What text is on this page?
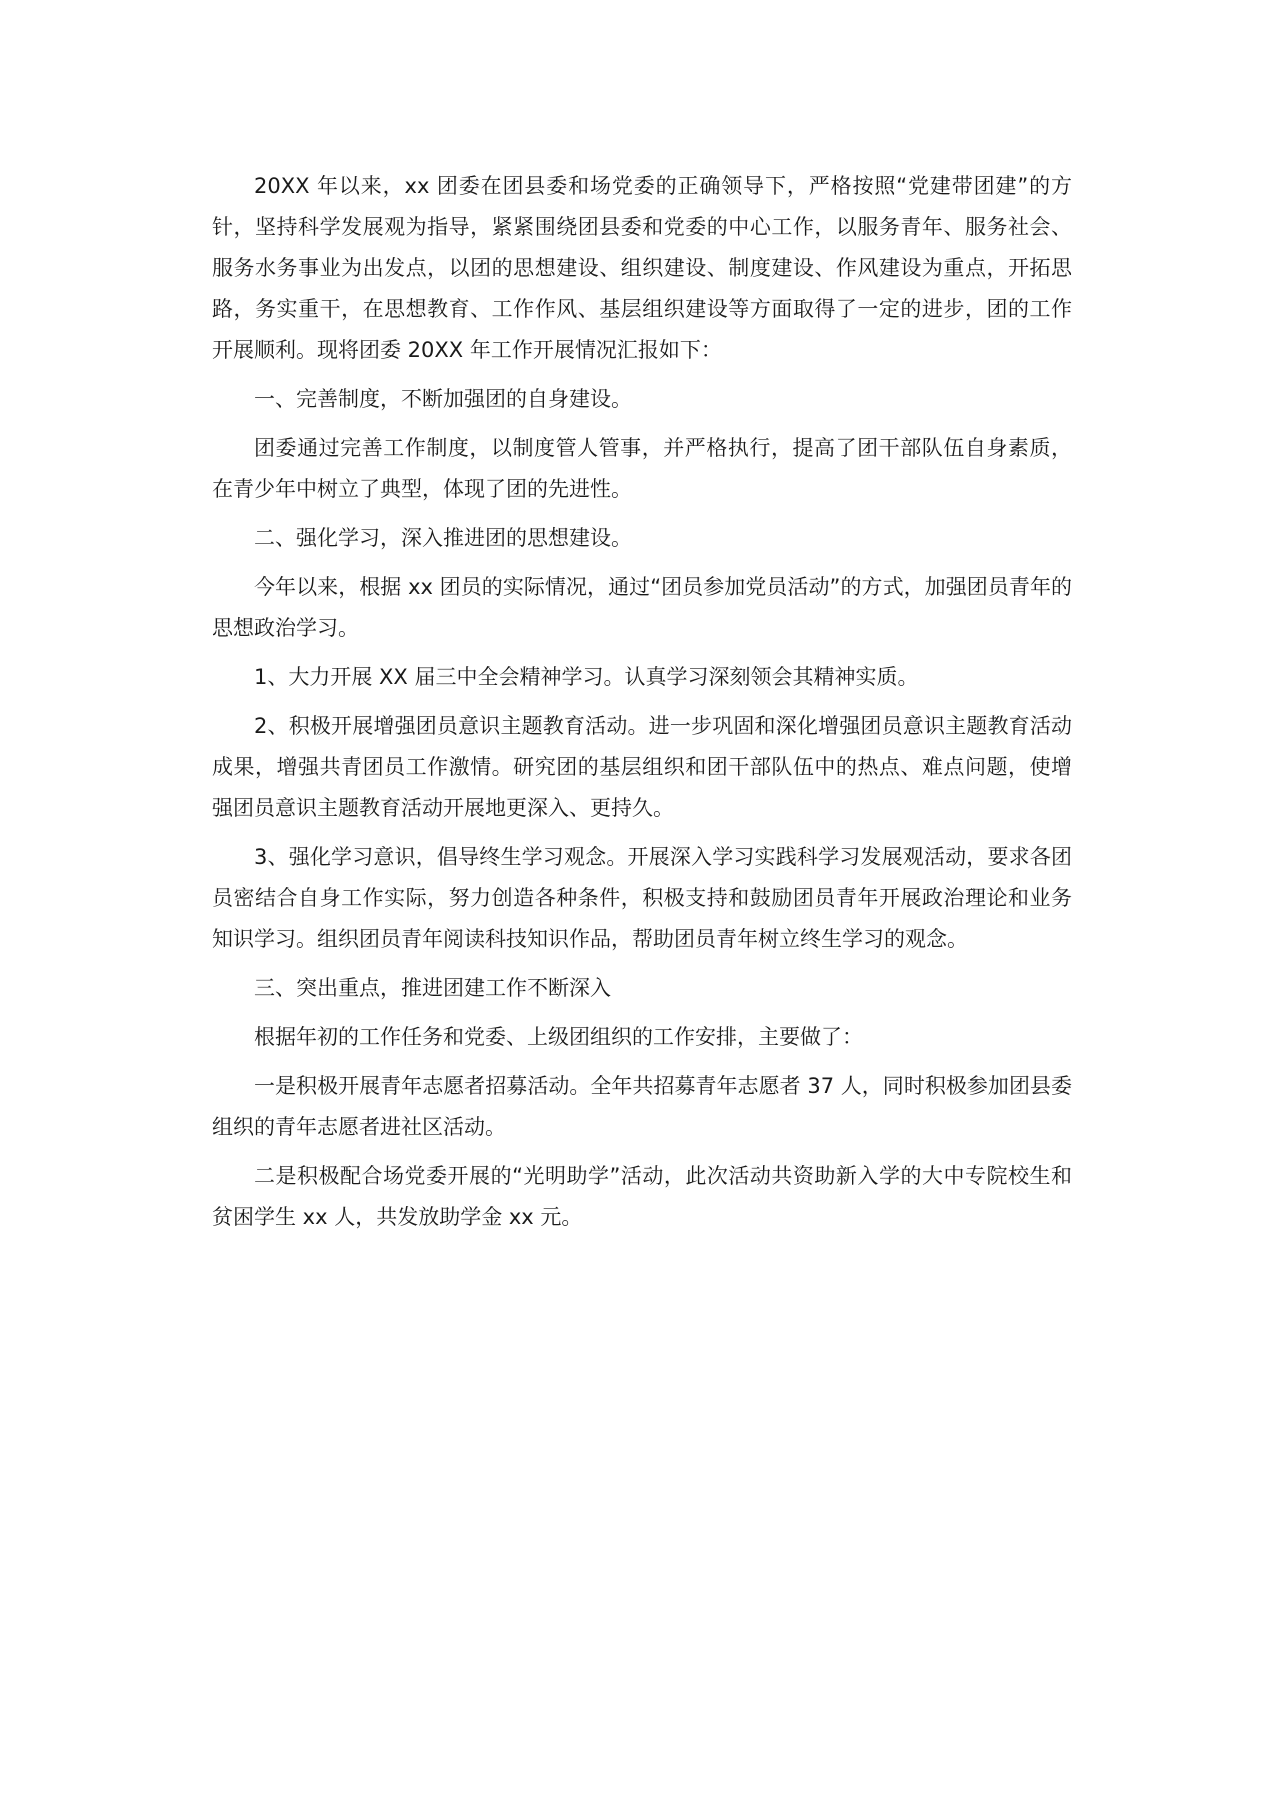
20XX 年以来，xx 团委在团县委和场党委的正确领导下，严格按照“党建带团建”的方针，坚持科学发展观为指导，紧紧围绕团县委和党委的中心工作，以服务青年、服务社会、服务水务事业为出发点，以团的思想建设、组织建设、制度建设、作风建设为重点，开拓思路，务实重干，在思想教育、工作作风、基层组织建设等方面取得了一定的进步，团的工作开展顺利。现将团委 20XX 年工作开展情况汇报如下：

一、完善制度，不断加强团的自身建设。

团委通过完善工作制度，以制度管人管事，并严格执行，提高了团干部队伍自身素质，在青少年中树立了典型，体现了团的先进性。

二、强化学习，深入推进团的思想建设。

今年以来，根据 xx 团员的实际情况，通过“团员参加党员活动”的方式，加强团员青年的思想政治学习。

1、大力开展 XX 届三中全会精神学习。认真学习深刻领会其精神实质。

2、积极开展增强团员意识主题教育活动。进一步巩固和深化增强团员意识主题教育活动成果，增强共青团员工作激情。研究团的基层组织和团干部队伍中的热点、难点问题，使增强团员意识主题教育活动开展地更深入、更持久。

3、强化学习意识，倡导终生学习观念。开展深入学习实践科学习发展观活动，要求各团员密结合自身工作实际，努力创造各种条件，积极支持和鼓励团员青年开展政治理论和业务知识学习。组织团员青年阅读科技知识作品，帮助团员青年树立终生学习的观念。

三、突出重点，推进团建工作不断深入

根据年初的工作任务和党委、上级团组织的工作安排，主要做了：

一是积极开展青年志愿者招募活动。全年共招募青年志愿者 37 人，同时积极参加团县委组织的青年志愿者进社区活动。

二是积极配合场党委开展的“光明助学”活动，此次活动共资助新入学的大中专院校生和贫困学生 xx 人，共发放助学金 xx 元。
